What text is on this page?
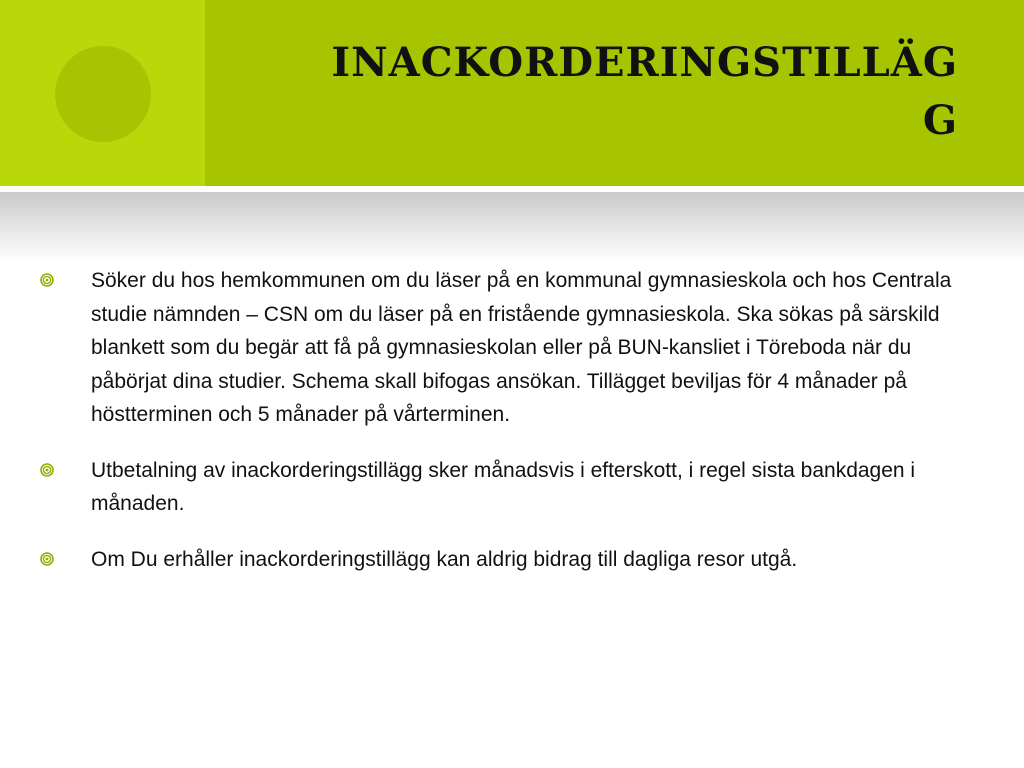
INACKORDERINGSTILLÄG
G
Söker du hos hemkommunen om du läser på en kommunal gymnasieskola och hos Centrala studie nämnden – CSN om du läser på en fristående gymnasieskola. Ska sökas på särskild blankett som du begär att få på gymnasieskolan eller på BUN-kansliet i Töreboda när du påbörjat dina studier. Schema skall bifogas ansökan. Tillägget beviljas för 4 månader på höstterminen och 5 månader på vårterminen.
Utbetalning av inackorderingstillägg sker månadsvis i efterskott, i regel sista bankdagen i månaden.
Om Du erhåller inackorderingstillägg kan aldrig bidrag till dagliga resor utgå.
